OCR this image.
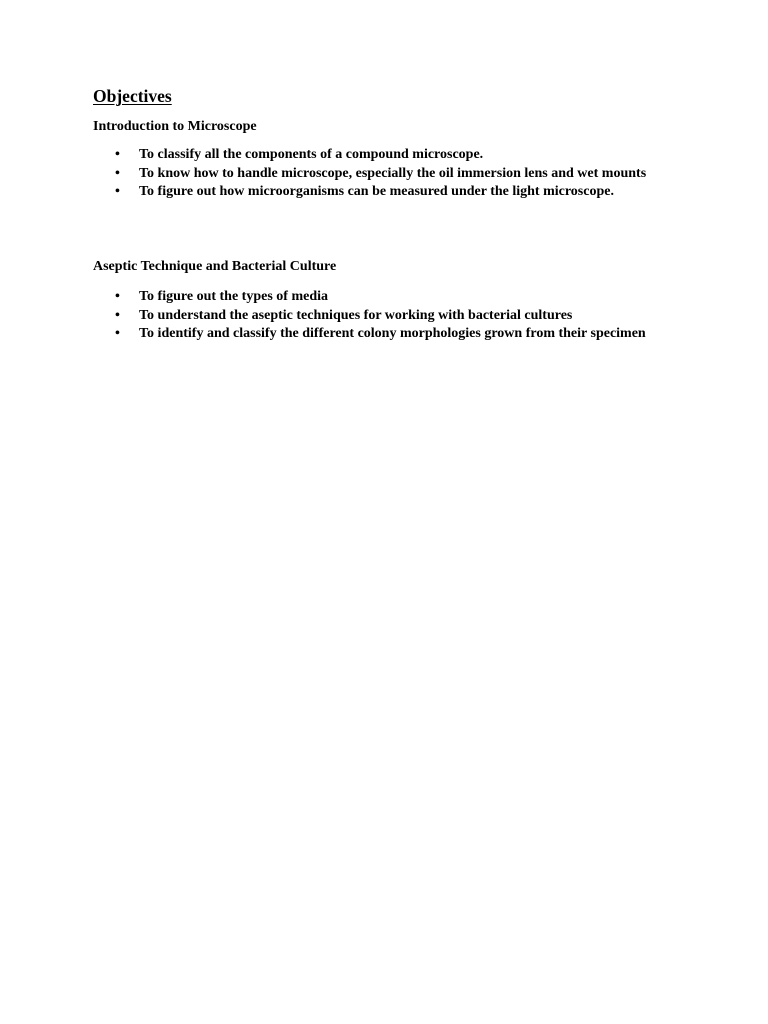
Objectives
Introduction to Microscope
• To classify all the components of a compound microscope.
• To know how to handle microscope, especially the oil immersion lens and wet mounts
• To figure out how microorganisms can be measured under the light microscope.
Aseptic Technique and Bacterial Culture
• To figure out the types of media
• To understand the aseptic techniques for working with bacterial cultures
• To identify and classify the different colony morphologies grown from their specimen
